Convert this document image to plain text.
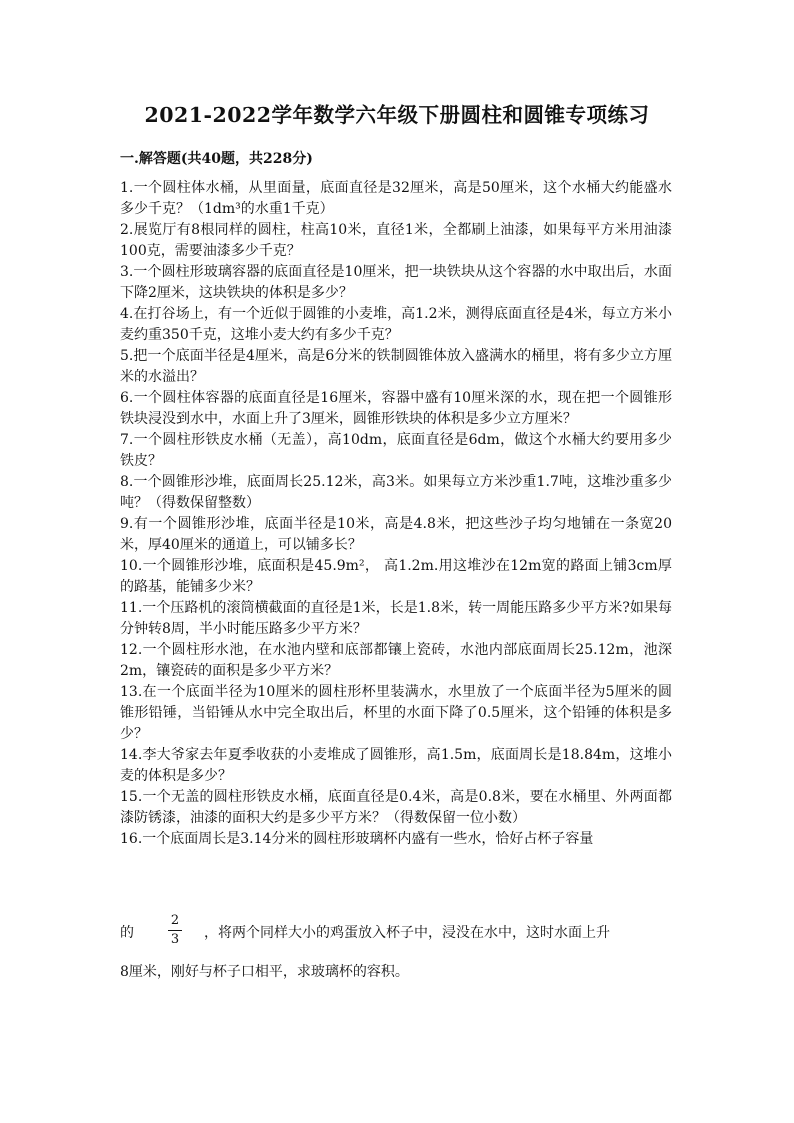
2021-2022学年数学六年级下册圆柱和圆锥专项练习
一.解答题(共40题，共228分)

1.一个圆柱体水桶，从里面量，底面直径是32厘米，高是50厘米，这个水桶大约能盛水多少千克？（1dm³的水重1千克）

2.展览厅有8根同样的圆柱，柱高10米，直径1米，全都刷上油漆，如果每平方米用油漆100克，需要油漆多少千克？

3.一个圆柱形玻璃容器的底面直径是10厘米，把一块铁块从这个容器的水中取出后，水面下降2厘米，这块铁块的体积是多少？

4.在打谷场上，有一个近似于圆锥的小麦堆，高1.2米，测得底面直径是4米，每立方米小麦约重350千克，这堆小麦大约有多少千克？

5.把一个底面半径是4厘米，高是6分米的铁制圆锥体放入盛满水的桶里，将有多少立方厘米的水溢出？

6.一个圆柱体容器的底面直径是16厘米，容器中盛有10厘米深的水，现在把一个圆锥形铁块浸没到水中，水面上升了3厘米，圆锥形铁块的体积是多少立方厘米？

7.一个圆柱形铁皮水桶（无盖），高10dm，底面直径是6dm，做这个水桶大约要用多少铁皮？

8.一个圆锥形沙堆，底面周长25.12米，高3米。如果每立方米沙重1.7吨，这堆沙重多少吨？（得数保留整数）

9.有一个圆锥形沙堆，底面半径是10米，高是4.8米，把这些沙子均匀地铺在一条宽20米，厚40厘米的通道上，可以铺多长？

10.一个圆锥形沙堆，底面积是45.9m²， 高1.2m.用这堆沙在12m宽的路面上铺3cm厚的路基，能铺多少米？

11.一个压路机的滚筒横截面的直径是1米，长是1.8米，转一周能压路多少平方米?如果每分钟转8周，半小时能压路多少平方米？

12.一个圆柱形水池，在水池内壁和底部都镶上瓷砖，水池内部底面周长25.12m，池深2m，镶瓷砖的面积是多少平方米？

13.在一个底面半径为10厘米的圆柱形杯里装满水，水里放了一个底面半径为5厘米的圆锥形铅锤，当铅锤从水中完全取出后，杯里的水面下降了0.5厘米，这个铅锤的体积是多少？

14.李大爷家去年夏季收获的小麦堆成了圆锥形，高1.5m，底面周长是18.84m，这堆小麦的体积是多少？

15.一个无盖的圆柱形铁皮水桶，底面直径是0.4米，高是0.8米，要在水桶里、外两面都漆防锈漆，油漆的面积大约是多少平方米？（得数保留一位小数）

16.一个底面周长是3.14分米的圆柱形玻璃杯内盛有一些水，恰好占杯子容量

的
2
3 ，将两个同样大小的鸡蛋放入杯子中，浸没在水中，这时水面上升
8厘米，刚好与杯子口相平，求玻璃杯的容积。
